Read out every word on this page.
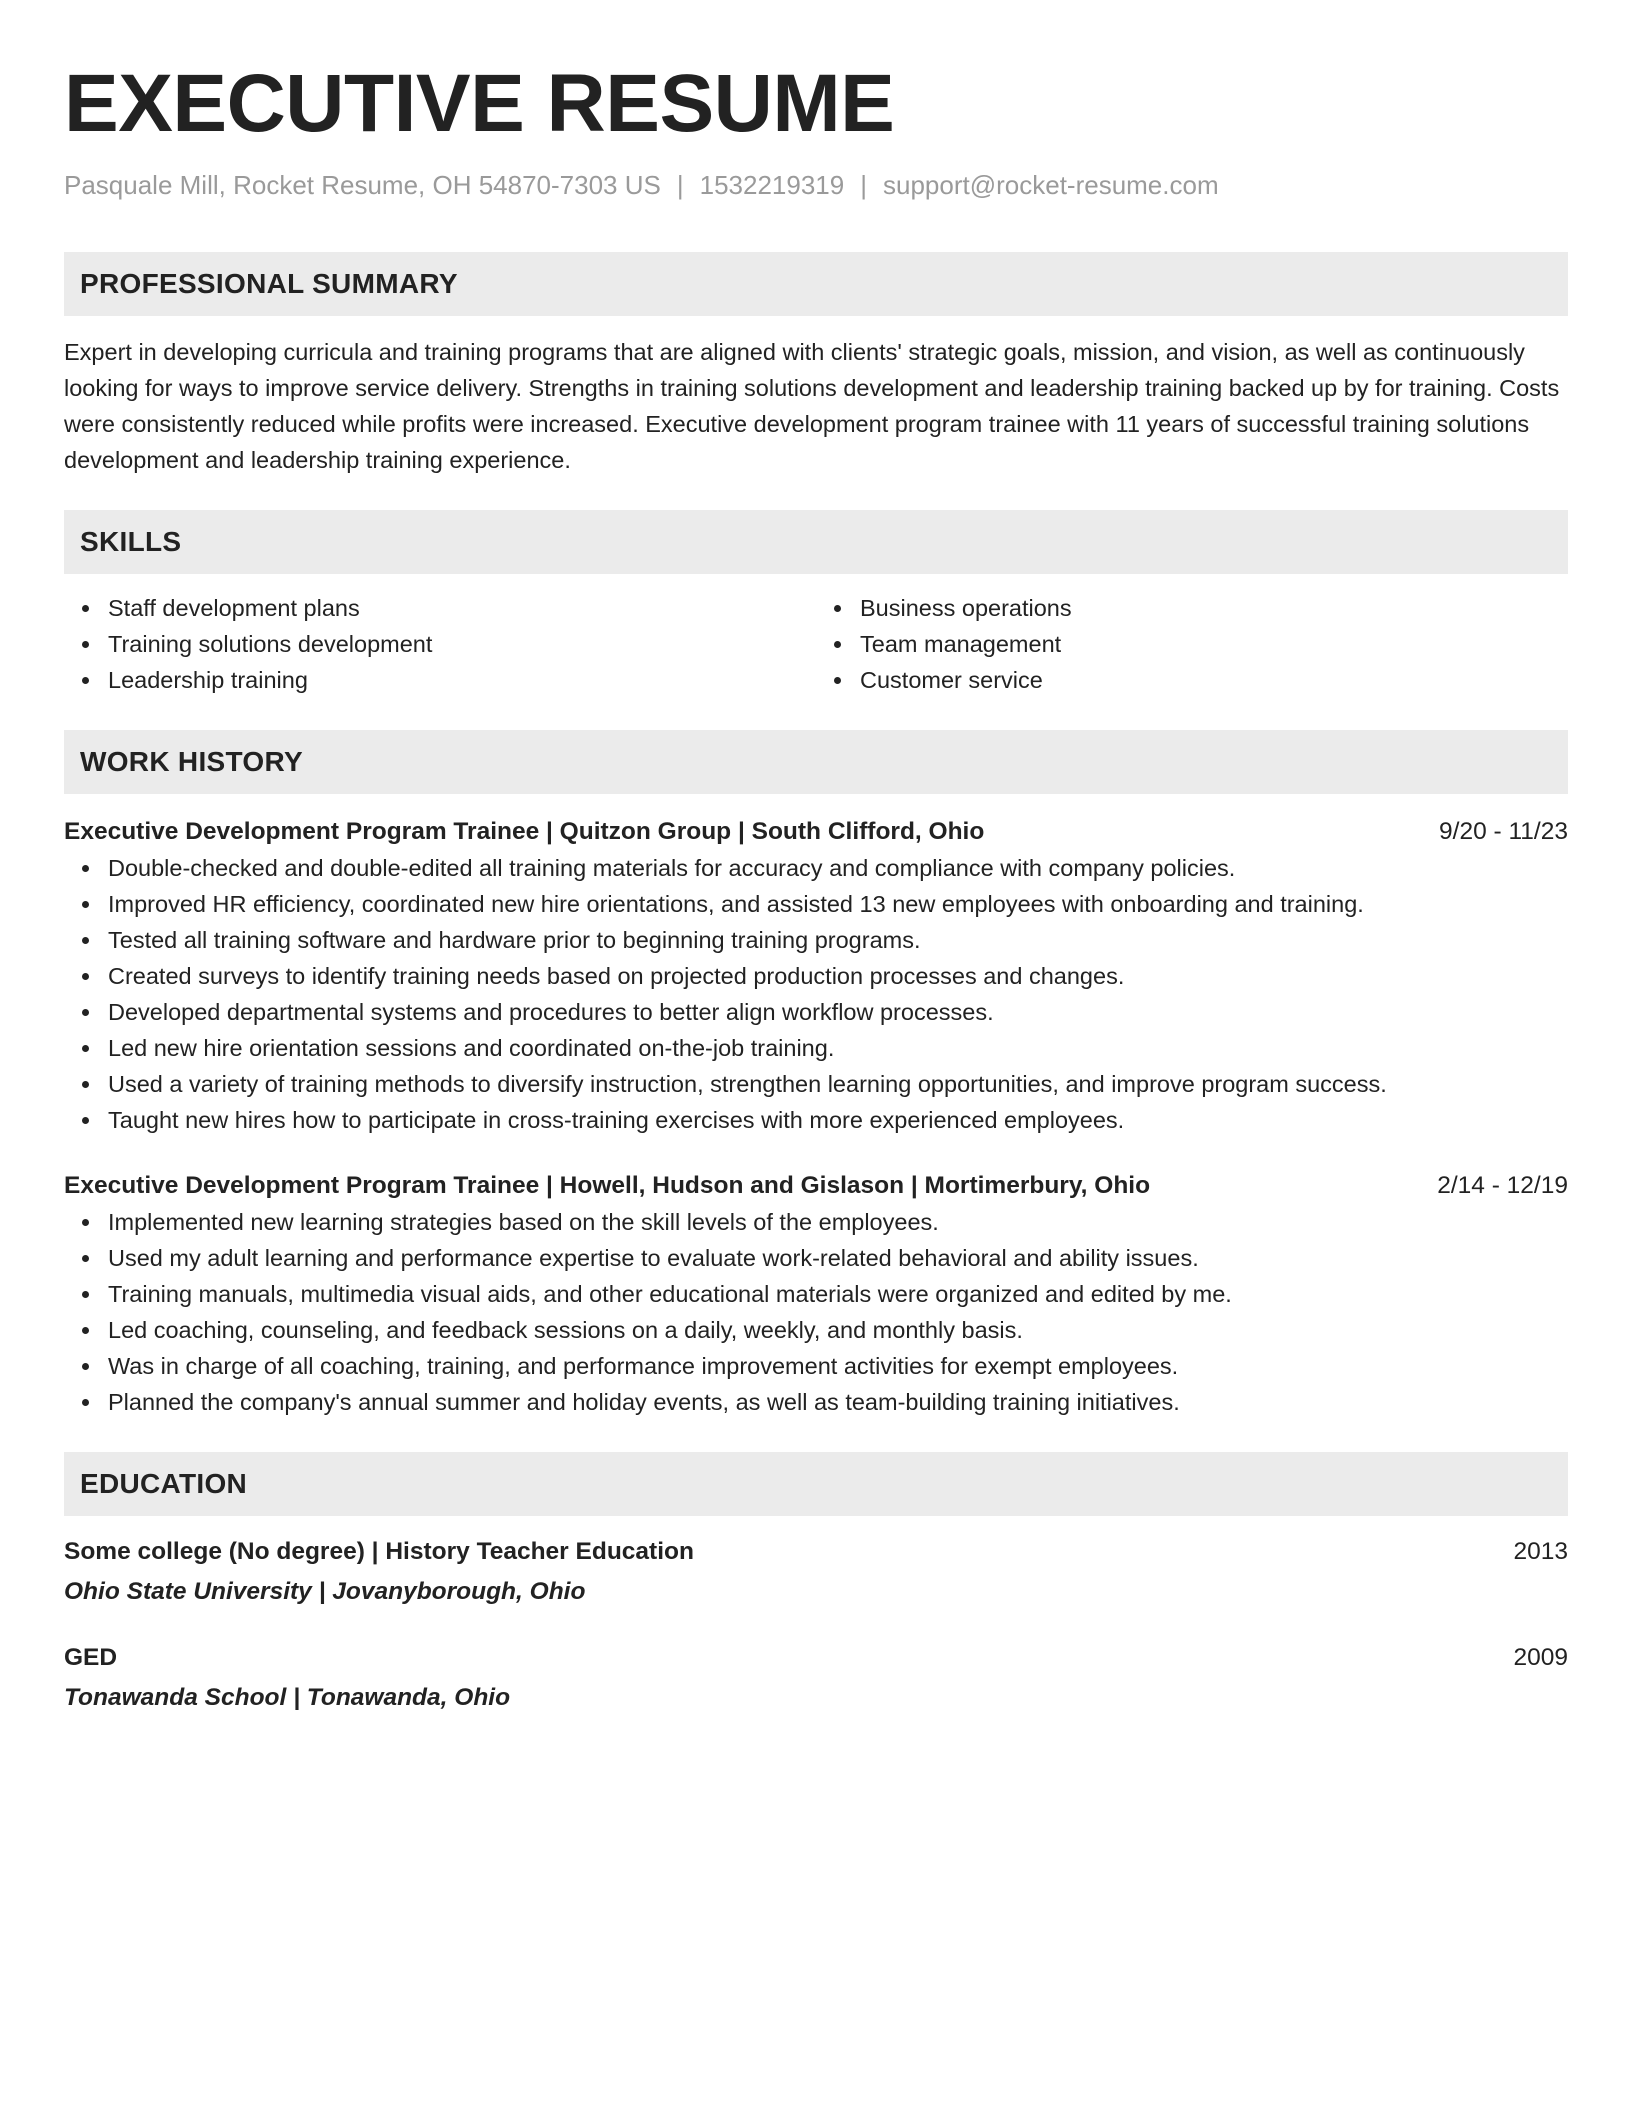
EXECUTIVE RESUME
Pasquale Mill, Rocket Resume, OH 54870-7303 US | 1532219319 | support@rocket-resume.com
PROFESSIONAL SUMMARY
Expert in developing curricula and training programs that are aligned with clients' strategic goals, mission, and vision, as well as continuously looking for ways to improve service delivery. Strengths in training solutions development and leadership training backed up by for training. Costs were consistently reduced while profits were increased. Executive development program trainee with 11 years of successful training solutions development and leadership training experience.
SKILLS
Staff development plans
Training solutions development
Leadership training
Business operations
Team management
Customer service
WORK HISTORY
Executive Development Program Trainee | Quitzon Group | South Clifford, Ohio	9/20 - 11/23
Double-checked and double-edited all training materials for accuracy and compliance with company policies.
Improved HR efficiency, coordinated new hire orientations, and assisted 13 new employees with onboarding and training.
Tested all training software and hardware prior to beginning training programs.
Created surveys to identify training needs based on projected production processes and changes.
Developed departmental systems and procedures to better align workflow processes.
Led new hire orientation sessions and coordinated on-the-job training.
Used a variety of training methods to diversify instruction, strengthen learning opportunities, and improve program success.
Taught new hires how to participate in cross-training exercises with more experienced employees.
Executive Development Program Trainee | Howell, Hudson and Gislason | Mortimerbury, Ohio	2/14 - 12/19
Implemented new learning strategies based on the skill levels of the employees.
Used my adult learning and performance expertise to evaluate work-related behavioral and ability issues.
Training manuals, multimedia visual aids, and other educational materials were organized and edited by me.
Led coaching, counseling, and feedback sessions on a daily, weekly, and monthly basis.
Was in charge of all coaching, training, and performance improvement activities for exempt employees.
Planned the company's annual summer and holiday events, as well as team-building training initiatives.
EDUCATION
Some college (No degree) | History Teacher Education	2013
Ohio State University | Jovanyborough, Ohio
GED	2009
Tonawanda School | Tonawanda, Ohio
